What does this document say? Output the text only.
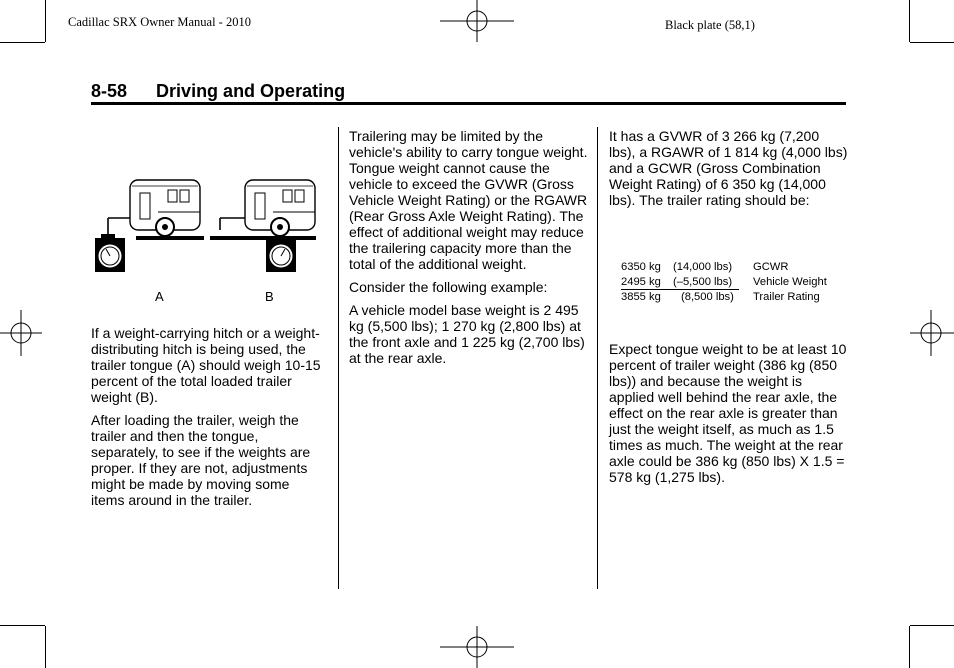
Cadillac SRX Owner Manual - 2010	Black plate (58,1)
8-58 Driving and Operating
A	B

If a weight-carrying hitch or a weight-distributing hitch is being used, the trailer tongue (A) should weigh 10-15 percent of the total loaded trailer weight (B).

After loading the trailer, weigh the trailer and then the tongue, separately, to see if the weights are proper. If they are not, adjustments might be made by moving some items around in the trailer.

Trailering may be limited by the vehicle's ability to carry tongue weight. Tongue weight cannot cause the vehicle to exceed the GVWR (Gross Vehicle Weight Rating) or the RGAWR (Rear Gross Axle Weight Rating). The effect of additional weight may reduce the trailering capacity more than the total of the additional weight.

Consider the following example:

A vehicle model base weight is 2 495 kg (5,500 lbs); 1 270 kg (2,800 lbs) at the front axle and 1 225 kg (2,700 lbs) at the rear axle.

It has a GVWR of 3 266 kg (7,200 lbs), a RGAWR of 1 814 kg (4,000 lbs) and a GCWR (Gross Combination Weight Rating) of 6 350 kg (14,000 lbs). The trailer rating should be:

6350 kg	(14,000 lbs)	GCWR
2495 kg	(–5,500 lbs)	Vehicle Weight
3855 kg	(8,500 lbs)	Trailer Rating

Expect tongue weight to be at least 10 percent of trailer weight (386 kg (850 lbs)) and because the weight is applied well behind the rear axle, the effect on the rear axle is greater than just the weight itself, as much as 1.5 times as much. The weight at the rear axle could be 386 kg (850 lbs) X 1.5 = 578 kg (1,275 lbs).
